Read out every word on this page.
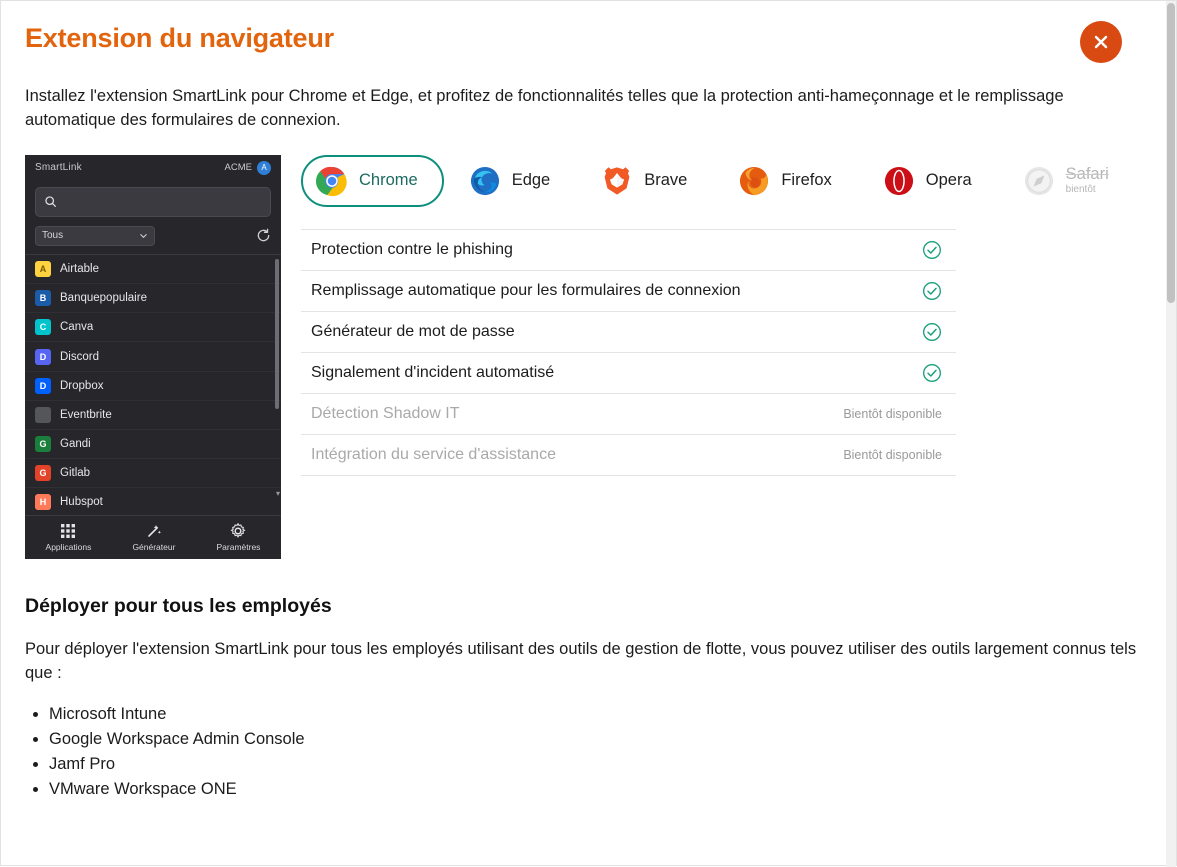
Extension du navigateur

Installez l'extension SmartLink pour Chrome et Edge, et profitez de fonctionnalités telles que la protection anti-hameçonnage et le remplissage automatique des formulaires de connexion.

SmartLink	ACME	A
Tous
A	Airtable
B	Banquepopulaire
C	Canva
D	Discord
D	Dropbox
Eventbrite
G	Gandi
G	Gitlab
H	Hubspot
▾
Applications	Générateur	Paramètres
Chrome	Edge	Brave	Firefox	Opera	Safari
bientôt
Protection contre le phishing
Remplissage automatique pour les formulaires de connexion
Générateur de mot de passe
Signalement d'incident automatisé
Détection Shadow IT	Bientôt disponible
Intégration du service d'assistance	Bientôt disponible
Déployer pour tous les employés

Pour déployer l'extension SmartLink pour tous les employés utilisant des outils de gestion de flotte, vous pouvez utiliser des outils largement connus tels que :

• Microsoft Intune
• Google Workspace Admin Console
• Jamf Pro
• VMware Workspace ONE
